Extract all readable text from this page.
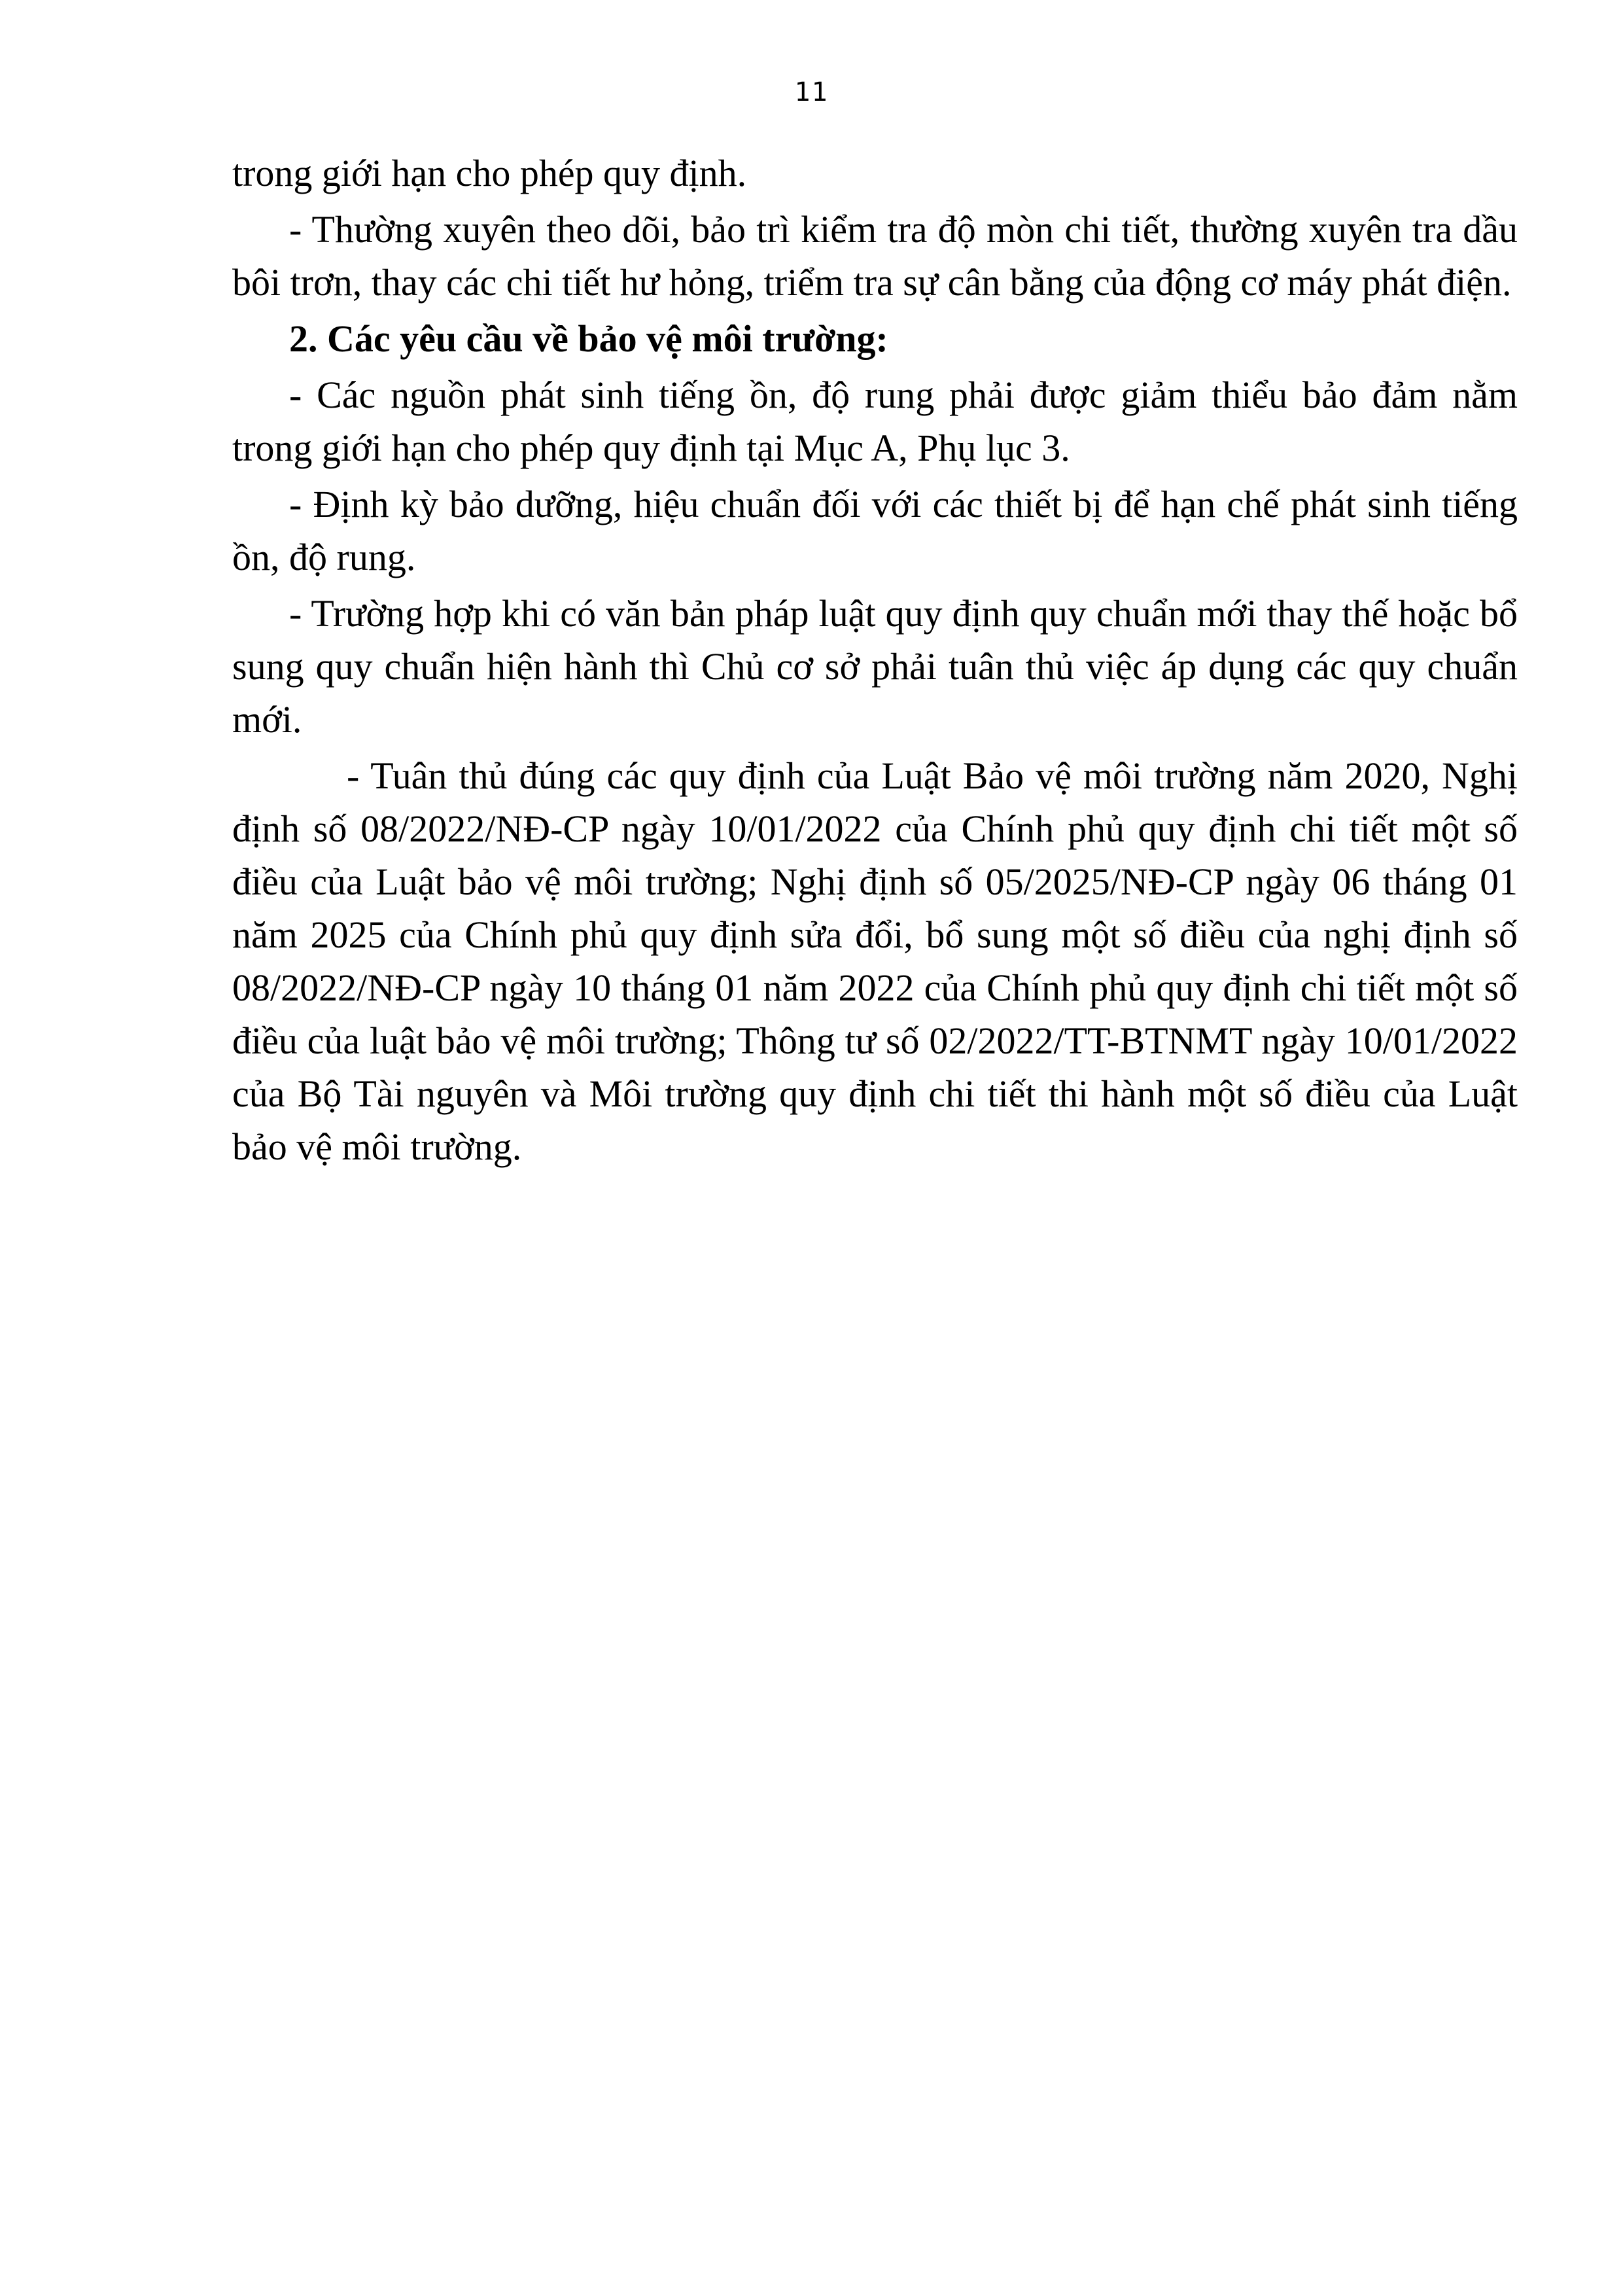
11

trong giới hạn cho phép quy định.

- Thường xuyên theo dõi, bảo trì kiểm tra độ mòn chi tiết, thường xuyên tra dầu bôi trơn, thay các chi tiết hư hỏng, triểm tra sự cân bằng của động cơ máy phát điện.

2. Các yêu cầu về bảo vệ môi trường:

- Các nguồn phát sinh tiếng ồn, độ rung phải được giảm thiểu bảo đảm nằm trong giới hạn cho phép quy định tại Mục A, Phụ lục 3.

- Định kỳ bảo dưỡng, hiệu chuẩn đối với các thiết bị để hạn chế phát sinh tiếng ồn, độ rung.

- Trường hợp khi có văn bản pháp luật quy định quy chuẩn mới thay thế hoặc bổ sung quy chuẩn hiện hành thì Chủ cơ sở phải tuân thủ việc áp dụng các quy chuẩn mới.

- Tuân thủ đúng các quy định của Luật Bảo vệ môi trường năm 2020, Nghị định số 08/2022/NĐ-CP ngày 10/01/2022 của Chính phủ quy định chi tiết một số điều của Luật bảo vệ môi trường; Nghị định số 05/2025/NĐ-CP ngày 06 tháng 01 năm 2025 của Chính phủ quy định sửa đổi, bổ sung một số điều của nghị định số 08/2022/NĐ-CP ngày 10 tháng 01 năm 2022 của Chính phủ quy định chi tiết một số điều của luật bảo vệ môi trường; Thông tư số 02/2022/TT-BTNMT ngày 10/01/2022 của Bộ Tài nguyên và Môi trường quy định chi tiết thi hành một số điều của Luật bảo vệ môi trường.
